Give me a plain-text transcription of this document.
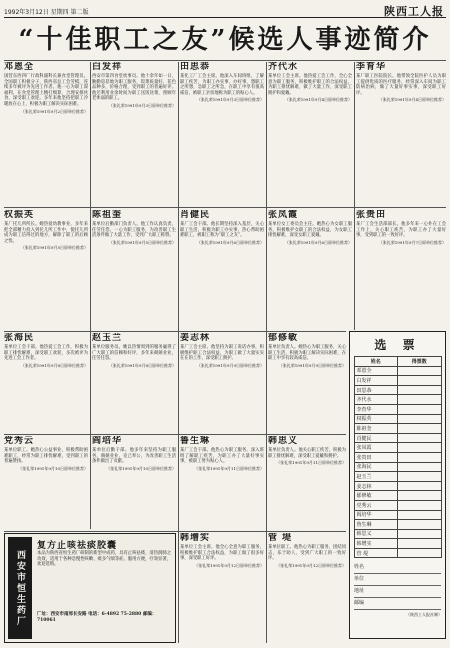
1992年3月12日 星期四 第二版	陕西工人报
“十佳职工之友”候选人事迹简介
邓恩全
国营东西四厂行政科副科长兼食堂管理员。全国职工积极分子，陕西省总工会劳模，连续多年被评为先进工作者。他一心为职工谋福利，在食堂管理上精打细算，合理安排伙食，深受职工欢迎。多年来他坚持把职工冷暖放在心上，积极为职工解决实际困难。
（张礼荣1991年9月2日原单位推荐）
白发祥
西安市第四食堂炊事员。他十余年如一日，勤勤恳恳地为职工服务，饭菜质量好，花色品种多，价格合理，受到职工的普遍好评。他还利用业余时间为职工送饭送菜，照顾年老体弱的职工。
（张礼荣1991年9月3日原单位推荐）
田思恭
某化工厂工会主席。他深入车间班组，了解职工疾苦，为职工办实事、办好事，想职工之所想，急职工之所急，在职工中享有很高威信，被职工亲切地称为职工的贴心人。
（张礼荣1991年9月3日原单位推荐）
齐代水
某单位工会主席。他热爱工会工作，全心全意为职工服务，积极维护职工的合法权益，为职工排忧解难，做了大量工作，深受职工拥护和爱戴。
（张礼荣1991年9月4日原单位推荐）
李育华
某厂职工医院院长。他带领全院医护人员为职工提供优质的医疗服务，经常深入车间为职工防病治病，做了大量好事实事，深受职工好评。
（张礼荣1991年9月4日原单位推荐）
权振英
某厂托儿所所长。她热爱幼教事业，多年来把全部精力投入到托儿所工作中，使托儿所成为职工信得过的地方，解除了职工的后顾之忧。
（张礼荣1991年9月5日原单位推荐）
陈祖奎
某单位后勤部门负责人。他工作认真负责，任劳任怨，一心为职工服务，为改善职工生活条件做了大量工作，受到广大职工称赞。
（张礼荣1991年9月5日原单位推荐）
肖健民
某厂工会干部。他长期坚持深入基层，关心职工生活，积极为职工办实事，热心帮助困难职工，被职工称为“职工之友”。
（张礼荣1991年9月6日原单位推荐）
张凤霞
某单位女工委员会主任。她热心为女职工服务，积极维护女职工的合法权益，为女职工排忧解难，深受女职工爱戴。
（张礼荣1991年9月6日原单位推荐）
张贵田
某厂工会生活部部长。他多年来一心扑在工会工作上，关心职工疾苦，为职工办了大量好事，受到职工的一致好评。
（张礼荣1991年9月7日原单位推荐）
张海民
某单位工会干部。他热爱工会工作，积极为职工排忧解难，深受职工欢迎，多次被评为先进工会工作者。
（张礼荣1991年9月8日原单位推荐）
赵玉兰
某单位服务员。她以热情周到的服务赢得了广大职工的信赖和好评，多年来兢兢业业，任劳任怨。
（张礼荣1991年9月8日原单位推荐）
姜志林
某厂工会主席。他坚持为职工说话办事，积极维护职工合法权益，为职工做了大量实实在在的工作，深受职工拥护。
（张礼荣1991年9月9日原单位推荐）
郁修敏
某单位负责人。她热心为职工服务，关心职工生活，积极为职工解决实际困难，在职工中享有较高威信。
（张礼荣1991年9月9日原单位推荐）
党秀云
某单位职工。她热心公益事业，积极帮助困难职工，经常为职工排忧解难，受到职工的普遍赞扬。
（张礼荣1991年9月10日原单位推荐）
阎培华
某单位后勤干部。他多年来坚持为职工服务，兢兢业业，克己奉公，为改善职工生活条件做出了贡献。
（张礼荣1991年9月10日原单位推荐）
鲁生琳
某厂工会干部。他热心为职工服务，深入班组了解职工疾苦，为职工办了大量好事实事，被职工誉为贴心人。
（张礼荣1991年9月11日原单位推荐）
韩思义
某单位负责人。他关心职工疾苦，积极为职工排忧解难，深受职工爱戴和拥护。
（张礼荣1991年9月11日原单位推荐）
韩增实
某单位工会主席。他全心全意为职工服务，积极维护职工合法权益，为职工做了很多好事，深受职工好评。
（张礼荣1991年9月12日原单位推荐）
管 堤
某单位职工。他热心为职工服务，团结同志，乐于助人，受到广大职工的一致好评。
（张礼荣1991年9月12日原单位推荐）
选 票
姓名	得票数
邓恩全	
白发祥	
田思恭	
齐代水	
李育华	
权振英	
陈祖奎	
肖健民	
张凤霞	
张贵田	
张海民	
赵玉兰	
姜志林	
郁修敏	
党秀云	
阎培华	
鲁生琳	
韩思义	
韩增实	
管 堤	
姓名
单位
地址
邮编
（陕西工人报社制）
西安市恒生药厂
复方止咳祛痰胶囊
本品为陕西省恒生药厂研制的新型中成药，具有止咳祛痰、清热润肺之功效，适用于各种急慢性咳嗽、痰多气喘等症。服用方便，疗效显著，欢迎选购。
厂址：西安市南郊长安路 电话：6-4892 75-2880 邮编：710061
